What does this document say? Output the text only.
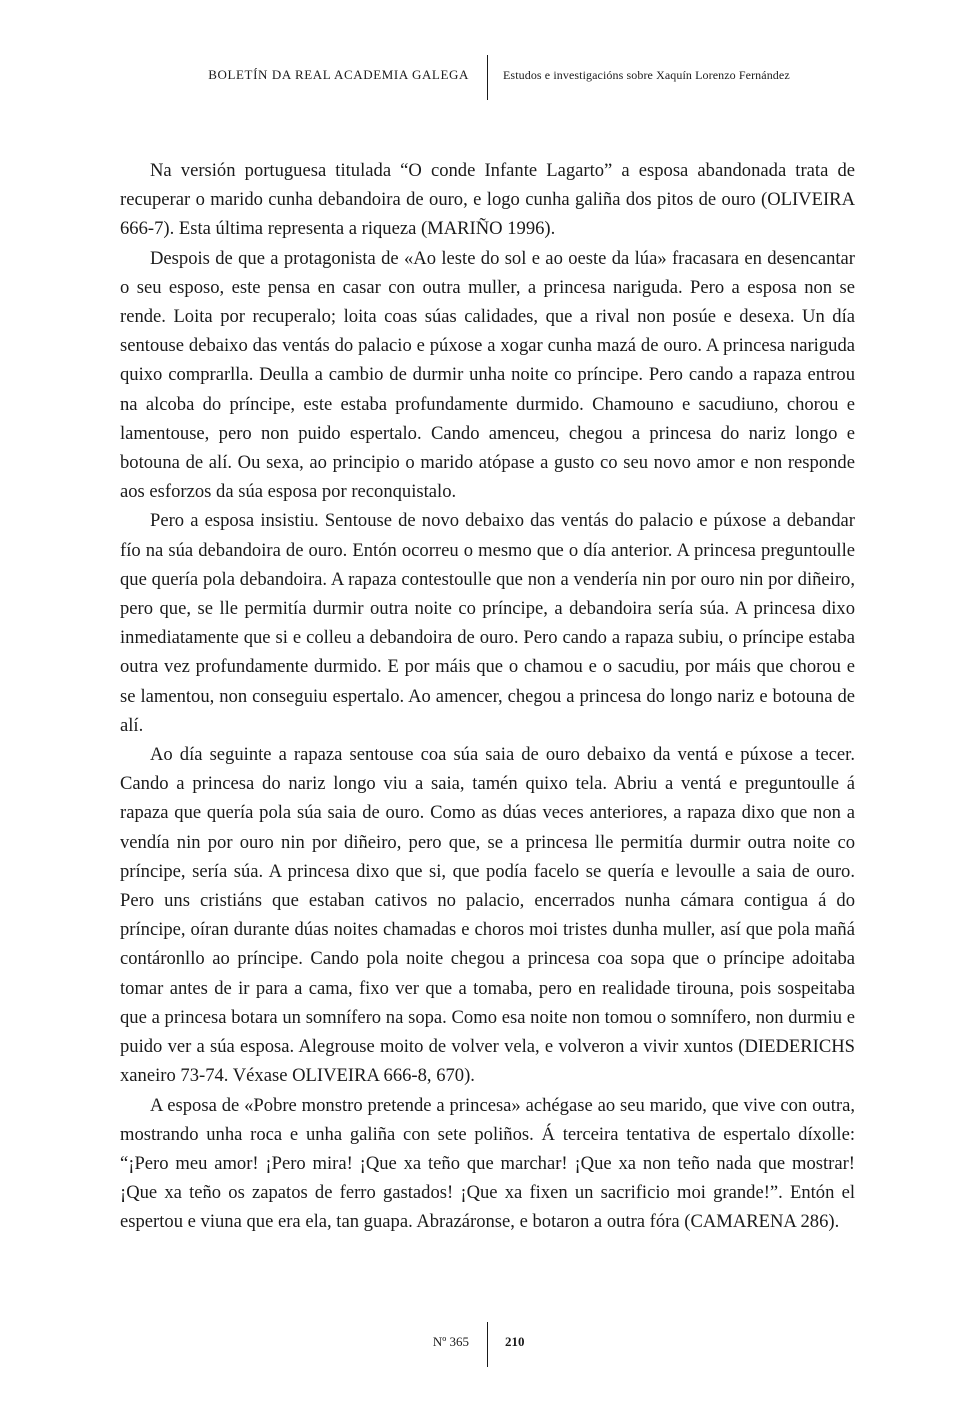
BOLETÍN DA REAL ACADEMIA GALEGA	Estudos e investigacións sobre Xaquín Lorenzo Fernández

Na versión portuguesa titulada “O conde Infante Lagarto” a esposa abandonada trata de recuperar o marido cunha debandoira de ouro, e logo cunha galiña dos pitos de ouro (OLIVEIRA 666-7). Esta última representa a riqueza (MARIÑO 1996).

Despois de que a protagonista de «Ao leste do sol e ao oeste da lúa» fracasara en desencantar o seu esposo, este pensa en casar con outra muller, a princesa nariguda. Pero a esposa non se rende. Loita por recuperalo; loita coas súas calidades, que a rival non posúe e desexa. Un día sentouse debaixo das ventás do palacio e púxose a xogar cunha mazá de ouro. A princesa nariguda quixo comprarlla. Deulla a cambio de durmir unha noite co príncipe. Pero cando a rapaza entrou na alcoba do príncipe, este estaba profundamente durmido. Chamouno e sacudiuno, chorou e lamentouse, pero non puido espertalo. Cando amenceu, chegou a princesa do nariz longo e botouna de alí. Ou sexa, ao principio o marido atópase a gusto co seu novo amor e non responde aos esforzos da súa esposa por reconquistalo.

Pero a esposa insistiu. Sentouse de novo debaixo das ventás do palacio e púxose a debandar fío na súa debandoira de ouro. Entón ocorreu o mesmo que o día anterior. A princesa preguntoulle que quería pola debandoira. A rapaza contestoulle que non a vendería nin por ouro nin por diñeiro, pero que, se lle permitía durmir outra noite co príncipe, a debandoira sería súa. A princesa dixo inmediatamente que si e colleu a debandoira de ouro. Pero cando a rapaza subiu, o príncipe estaba outra vez profundamente durmido. E por máis que o chamou e o sacudiu, por máis que chorou e se lamentou, non conseguiu espertalo. Ao amencer, chegou a princesa do longo nariz e botouna de alí.

Ao día seguinte a rapaza sentouse coa súa saia de ouro debaixo da ventá e púxose a tecer. Cando a princesa do nariz longo viu a saia, tamén quixo tela. Abriu a ventá e preguntoulle á rapaza que quería pola súa saia de ouro. Como as dúas veces anteriores, a rapaza dixo que non a vendía nin por ouro nin por diñeiro, pero que, se a princesa lle permitía durmir outra noite co príncipe, sería súa. A princesa dixo que si, que podía facelo se quería e levoulle a saia de ouro. Pero uns cristiáns que estaban cativos no palacio, encerrados nunha cámara contigua á do príncipe, oíran durante dúas noites chamadas e choros moi tristes dunha muller, así que pola mañá contáronllo ao príncipe. Cando pola noite chegou a princesa coa sopa que o príncipe adoitaba tomar antes de ir para a cama, fixo ver que a tomaba, pero en realidade tirouna, pois sospeitaba que a princesa botara un somnífero na sopa. Como esa noite non tomou o somnífero, non durmiu e puido ver a súa esposa. Alegrouse moito de volver vela, e volveron a vivir xuntos (DIEDERICHS xaneiro 73-74. Véxase OLIVEIRA 666-8, 670).

A esposa de «Pobre monstro pretende a princesa» achégase ao seu marido, que vive con outra, mostrando unha roca e unha galiña con sete poliños. Á terceira tentativa de espertalo díxolle: “¡Pero meu amor! ¡Pero mira! ¡Que xa teño que marchar! ¡Que xa non teño nada que mostrar! ¡Que xa teño os zapatos de ferro gastados! ¡Que xa fixen un sacrificio moi grande!”. Entón el espertou e viuna que era ela, tan guapa. Abrazáronse, e botaron a outra fóra (CAMARENA 286).

Nº 365	210
